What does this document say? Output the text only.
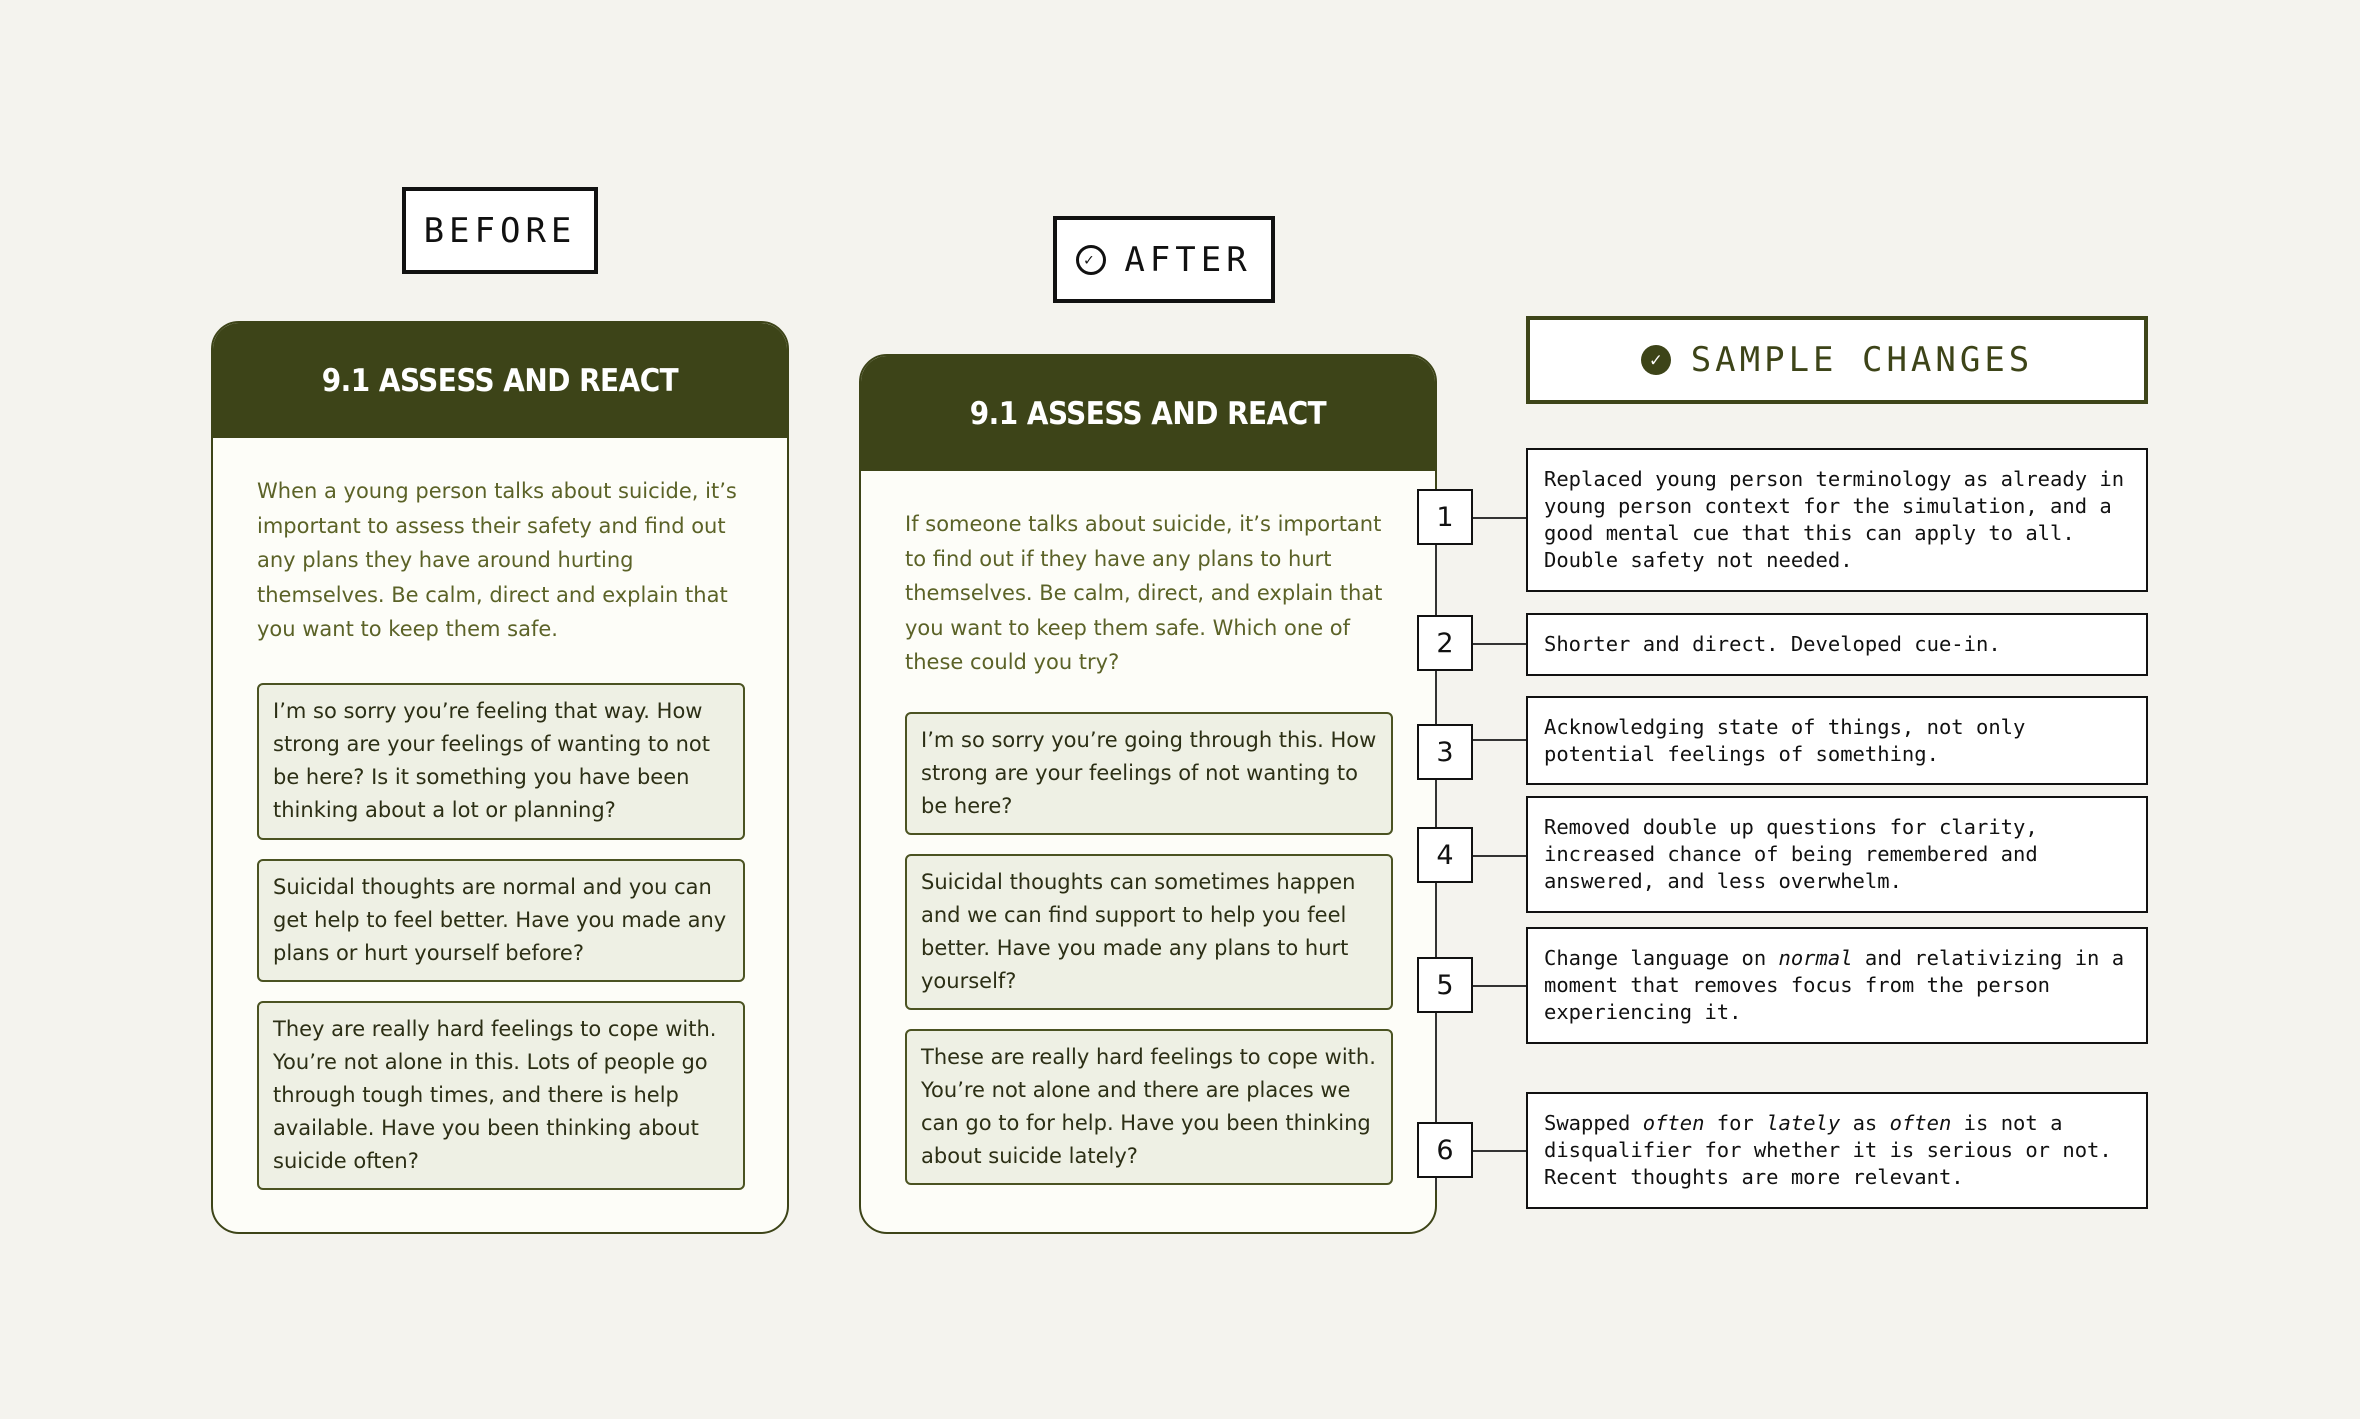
BEFORE
✓ AFTER
9.1 ASSESS AND REACT
When a young person talks about suicide, it’s important to assess their safety and find out any plans they have around hurting themselves. Be calm, direct and explain that you want to keep them safe.
I’m so sorry you’re feeling that way. How strong are your feelings of wanting to not be here? Is it something you have been thinking about a lot or planning?
Suicidal thoughts are normal and you can get help to feel better. Have you made any plans or hurt yourself before?
They are really hard feelings to cope with. You’re not alone in this. Lots of people go through tough times, and there is help available. Have you been thinking about suicide often?
9.1 ASSESS AND REACT
If someone talks about suicide, it’s important to find out if they have any plans to hurt themselves. Be calm, direct, and explain that you want to keep them safe. Which one of these could you try?
I’m so sorry you’re going through this. How strong are your feelings of not wanting to be here?
Suicidal thoughts can sometimes happen and we can find support to help you feel better. Have you made any plans to hurt yourself?
These are really hard feelings to cope with. You’re not alone and there are places we can go to for help. Have you been thinking about suicide lately?
1
2
3
4
5
6
✓ SAMPLE CHANGES
Replaced young person terminology as already in young person context for the simulation, and a good mental cue that this can apply to all. Double safety not needed.
Shorter and direct. Developed cue-in.
Acknowledging state of things, not only potential feelings of something.
Removed double up questions for clarity, increased chance of being remembered and answered, and less overwhelm.
Change language on normal and relativizing in a moment that removes focus from the person experiencing it.
Swapped often for lately as often is not a disqualifier for whether it is serious or not. Recent thoughts are more relevant.
